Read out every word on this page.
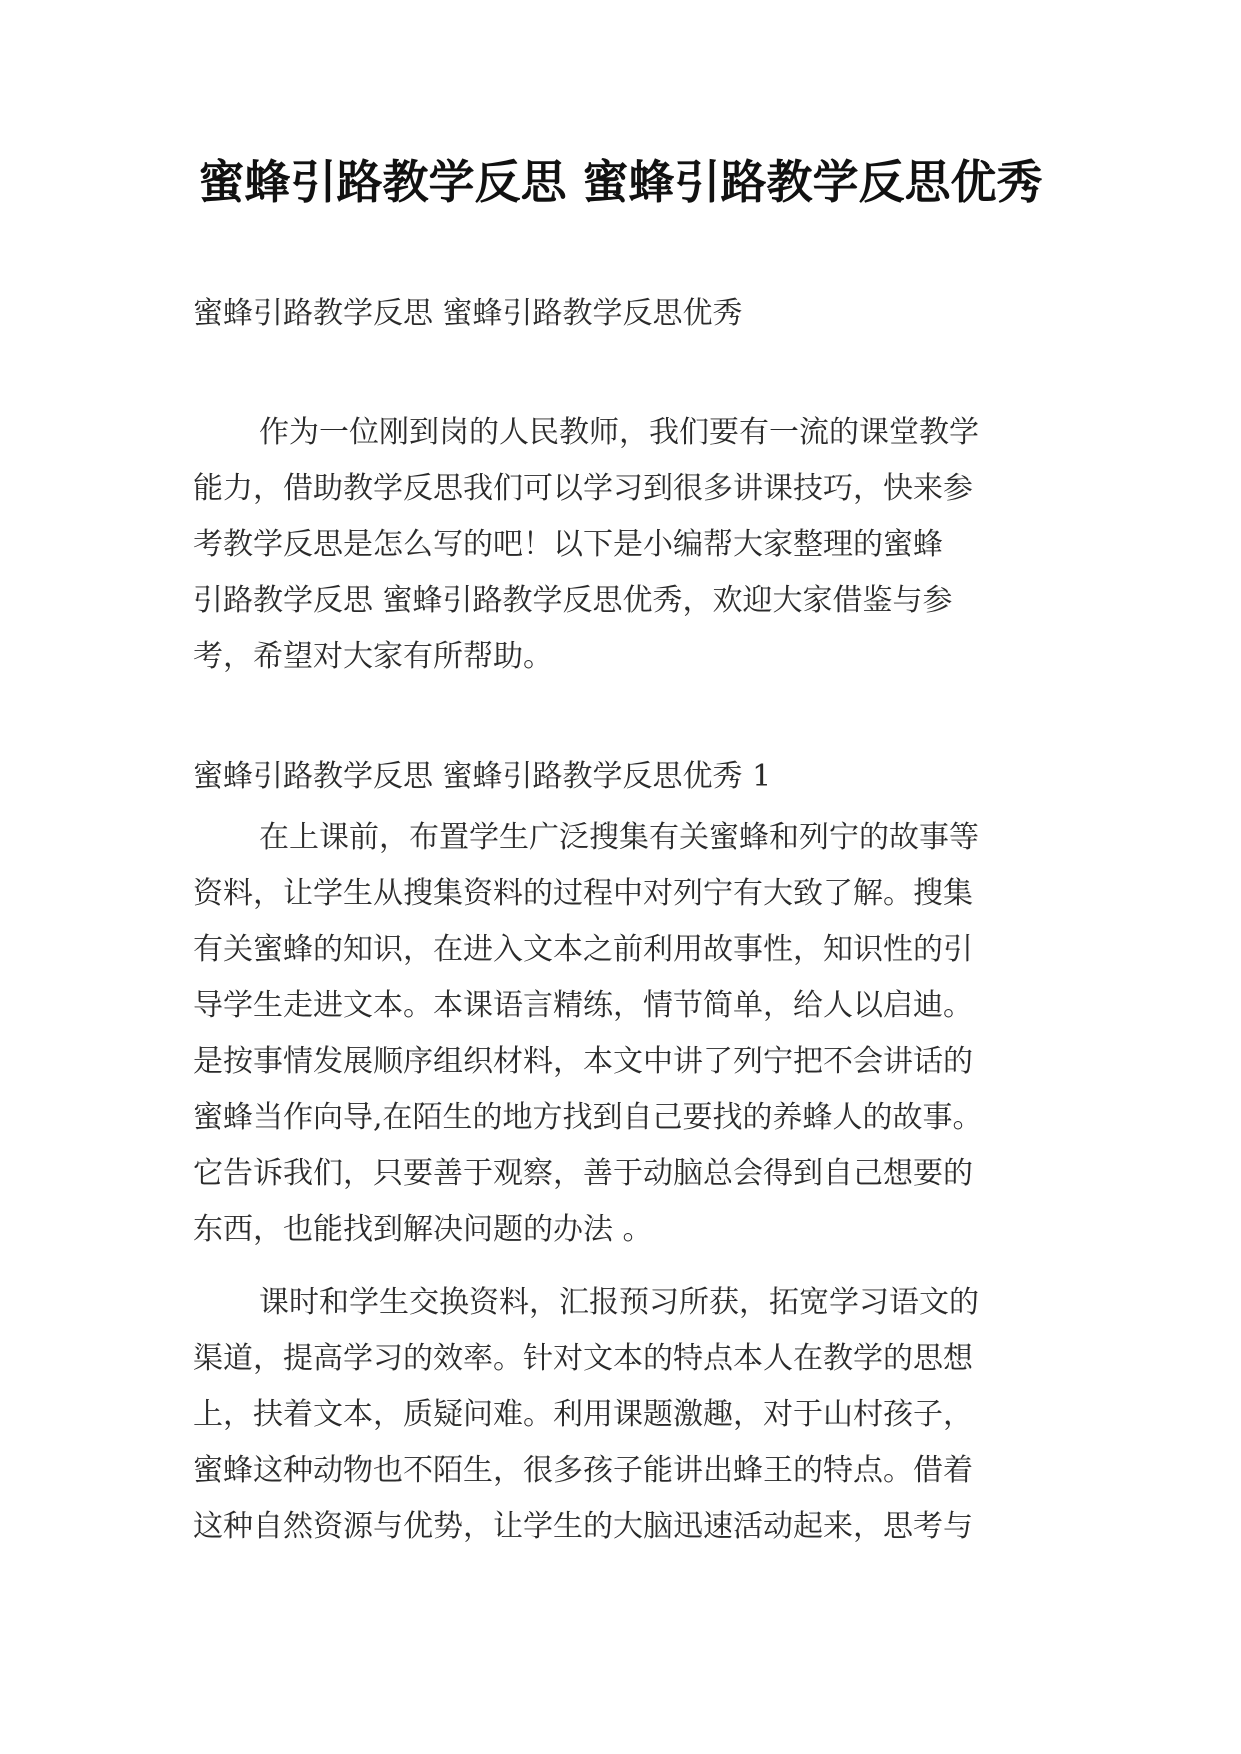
蜜蜂引路教学反思 蜜蜂引路教学反思优秀
蜜蜂引路教学反思 蜜蜂引路教学反思优秀
作为一位刚到岗的人民教师，我们要有一流的课堂教学
能力，借助教学反思我们可以学习到很多讲课技巧，快来参
考教学反思是怎么写的吧！以下是小编帮大家整理的蜜蜂
引路教学反思 蜜蜂引路教学反思优秀，欢迎大家借鉴与参
考，希望对大家有所帮助。
蜜蜂引路教学反思 蜜蜂引路教学反思优秀 1
在上课前，布置学生广泛搜集有关蜜蜂和列宁的故事等
资料，让学生从搜集资料的过程中对列宁有大致了解。搜集
有关蜜蜂的知识，在进入文本之前利用故事性，知识性的引
导学生走进文本。本课语言精练，情节简单，给人以启迪。
是按事情发展顺序组织材料，本文中讲了列宁把不会讲话的
蜜蜂当作向导,在陌生的地方找到自己要找的养蜂人的故事。
它告诉我们，只要善于观察，善于动脑总会得到自己想要的
东西，也能找到解决问题的办法 。
课时和学生交换资料，汇报预习所获，拓宽学习语文的
渠道，提高学习的效率。针对文本的特点本人在教学的思想
上，扶着文本，质疑问难。利用课题激趣，对于山村孩子，
蜜蜂这种动物也不陌生，很多孩子能讲出蜂王的特点。借着
这种自然资源与优势，让学生的大脑迅速活动起来，思考与
